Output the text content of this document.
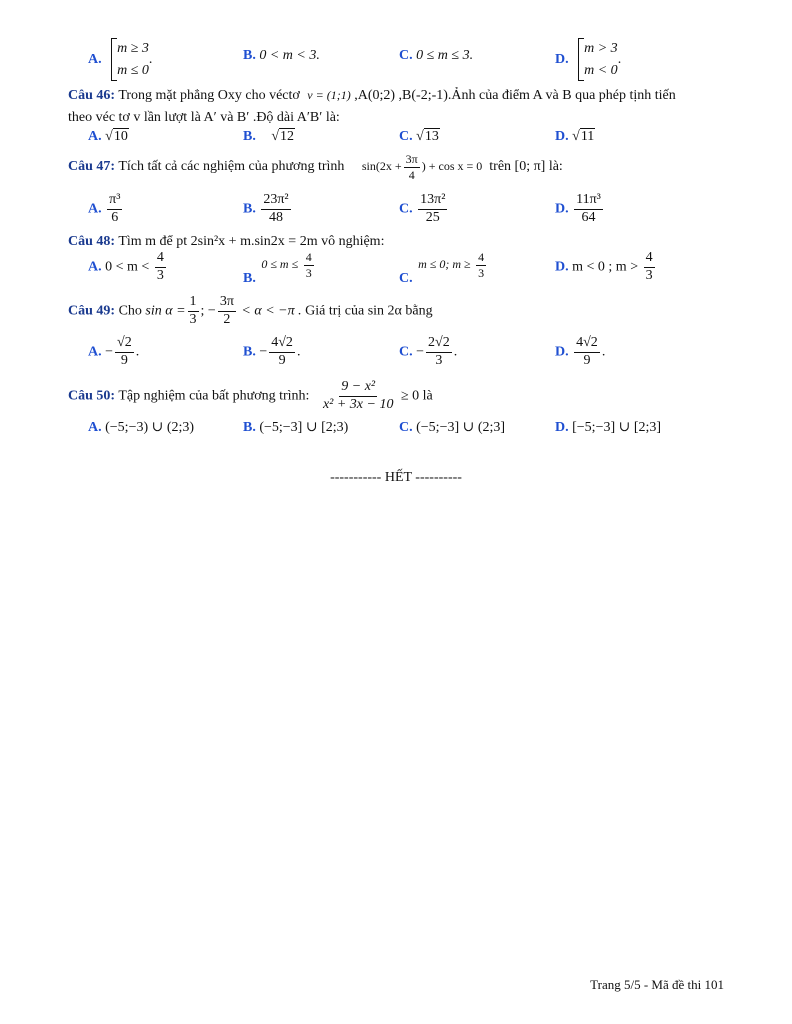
A. m ≥ 3
m ≤ 0.	B. 0 < m < 3.	C. 0 ≤ m ≤ 3.	D. m > 3
m < 0.
Câu 46: Trong mặt phẳng Oxy cho véctơ v = (1;1) ,A(0;2) ,B(-2;-1).Ảnh của điểm A và B qua phép tịnh tiến
theo véc tơ v lần lượt là A′ và B′ .Độ dài A′B′ là:
A. √10	B. √12	C. √13	D. √11
Câu 47: Tích tất cả các nghiệm của phương trình $\sin(2x + \frac{3\pi}{4}$ ) + cos x = 0 trên [0; π] là:
A. $\frac{\text{π³}}{6}$	B. $\frac{\text{23π²}}{48}$	C. $\frac{\text{13π²}}{25}$	D. $\frac{\text{11π³}}{64}$
Câu 48: Tìm m để pt 2sin²x + m.sin2x = 2m vô nghiệm:
A. $0 < m < \frac{4}{3}$	B. $0 \le m \le \frac{4}{3}$	C. m ≤ 0; $m \ge \frac{4}{3}$	D. m < 0 ; $m > \frac{4}{3}$
Câu 49: Cho $\sin \alpha = \frac{1}{3}$ ; − $\frac{3\pi}{2} < \alpha < -\pi$ . Giá trị của sin 2α bằng
A. − $\frac{√2}{9}$ .	B. − $\frac{4√2}{9}$ .	C. − $\frac{2√2}{3}$ .	D. $\frac{4√2}{9}$ .
Câu 50: Tập nghiệm của bất phương trình: $\frac{\text{9 − x²}}{\text{x² + 3x − 10}} \ge 0$ là
A. (−5;−3) ∪ (2;3)	B. (−5;−3] ∪ [2;3)	C. (−5;−3] ∪ (2;3]	D. [−5;−3] ∪ [2;3]
----------- HẾT ----------
Trang 5/5 - Mã đề thi 101
